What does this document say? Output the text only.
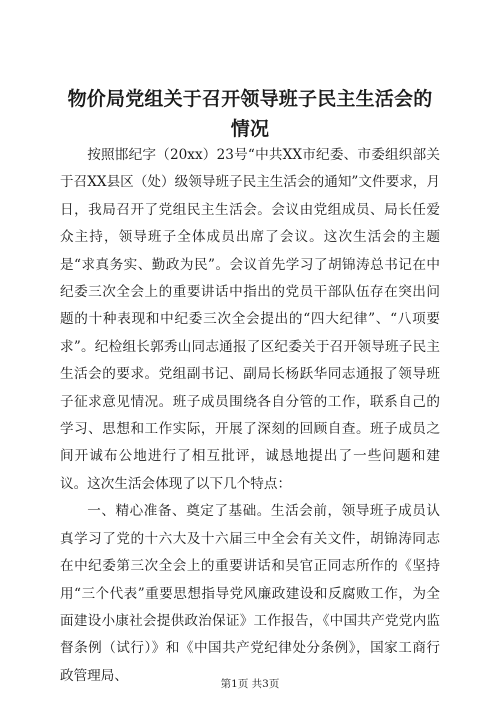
物价局党组关于召开领导班子民主生活会的情况

按照邯纪字（20xx）23号“中共XX市纪委、市委组织部关于召XX县区（处）级领导班子民主生活会的通知”文件要求，月日，我局召开了党组民主生活会。会议由党组成员、局长任爱众主持，领导班子全体成员出席了会议。这次生活会的主题是“求真务实、勤政为民”。会议首先学习了胡锦涛总书记在中纪委三次全会上的重要讲话中指出的党员干部队伍存在突出问题的十种表现和中纪委三次全会提出的“四大纪律”、“八项要求”。纪检组长郭秀山同志通报了区纪委关于召开领导班子民主生活会的要求。党组副书记、副局长杨跃华同志通报了领导班子征求意见情况。班子成员围绕各自分管的工作，联系自己的学习、思想和工作实际，开展了深刻的回顾自查。班子成员之间开诚布公地进行了相互批评，诚恳地提出了一些问题和建议。这次生活会体现了以下几个特点：

一、精心准备、奠定了基础。生活会前，领导班子成员认真学习了党的十六大及十六届三中全会有关文件，胡锦涛同志在中纪委第三次全会上的重要讲话和吴官正同志所作的《坚持用“三个代表”重要思想指导党风廉政建设和反腐败工作，为全面建设小康社会提供政治保证》工作报告，《中国共产党党内监督条例（试行）》和《中国共产党纪律处分条例》，国家工商行政管理局、

第1页 共3页
